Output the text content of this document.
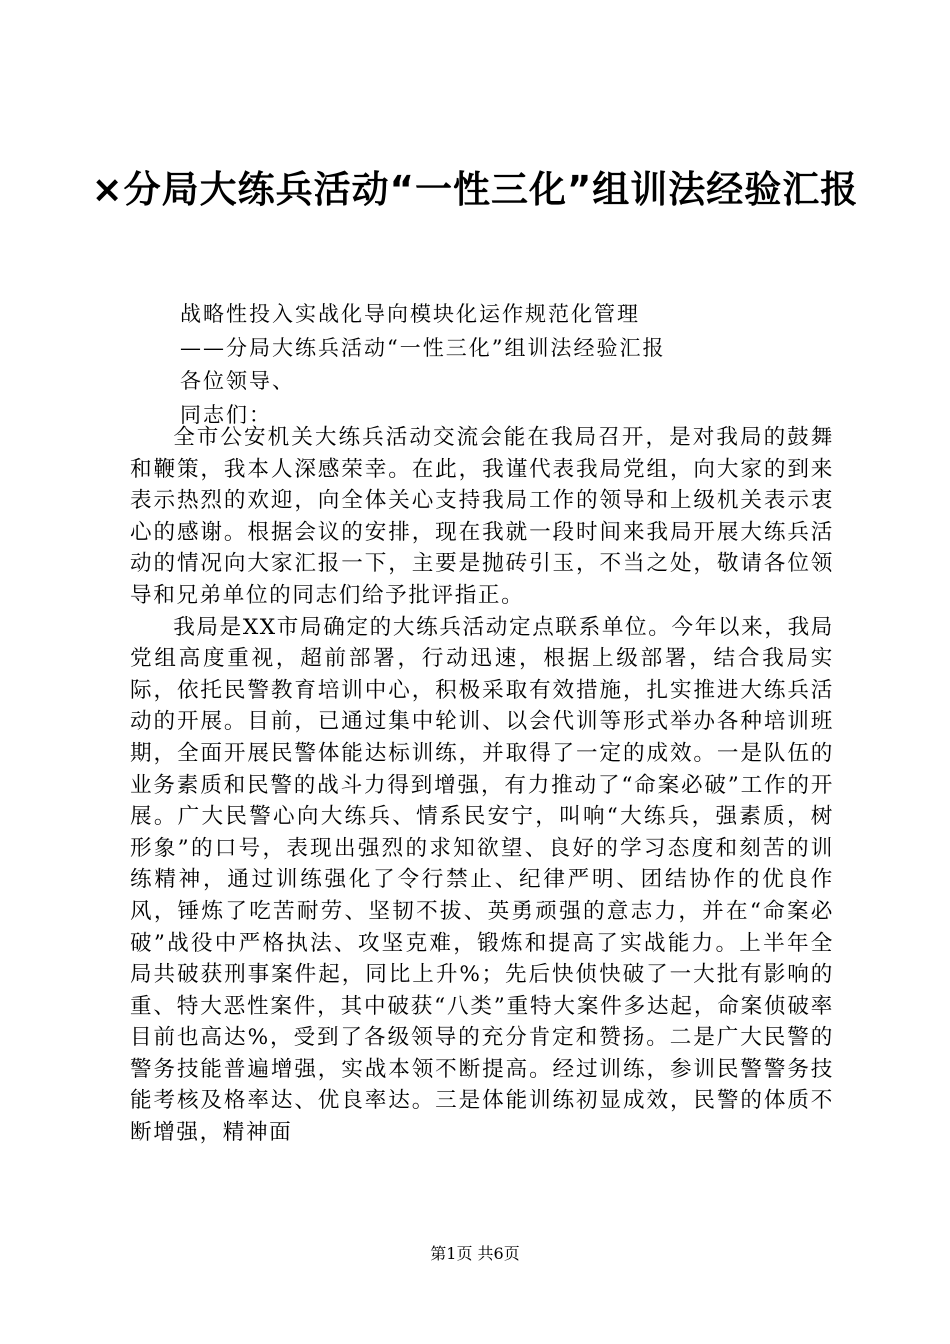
×分局大练兵活动“一性三化”组训法经验汇报
战略性投入实战化导向模块化运作规范化管理
——分局大练兵活动“一性三化”组训法经验汇报
各位领导、
同志们：

全市公安机关大练兵活动交流会能在我局召开，是对我局的鼓舞和鞭策，我本人深感荣幸。在此，我谨代表我局党组，向大家的到来表示热烈的欢迎，向全体关心支持我局工作的领导和上级机关表示衷心的感谢。根据会议的安排，现在我就一段时间来我局开展大练兵活动的情况向大家汇报一下，主要是抛砖引玉，不当之处，敬请各位领导和兄弟单位的同志们给予批评指正。

我局是XX市局确定的大练兵活动定点联系单位。今年以来，我局党组高度重视，超前部署，行动迅速，根据上级部署，结合我局实际，依托民警教育培训中心，积极采取有效措施，扎实推进大练兵活动的开展。目前，已通过集中轮训、以会代训等形式举办各种培训班期，全面开展民警体能达标训练，并取得了一定的成效。一是队伍的业务素质和民警的战斗力得到增强，有力推动了“命案必破”工作的开展。广大民警心向大练兵、情系民安宁，叫响“大练兵，强素质，树形象”的口号，表现出强烈的求知欲望、良好的学习态度和刻苦的训练精神，通过训练强化了令行禁止、纪律严明、团结协作的优良作风，锤炼了吃苦耐劳、坚韧不拔、英勇顽强的意志力，并在“命案必破”战役中严格执法、攻坚克难，锻炼和提高了实战能力。上半年全局共破获刑事案件起，同比上升%；先后快侦快破了一大批有影响的重、特大恶性案件，其中破获“八类”重特大案件多达起，命案侦破率目前也高达%，受到了各级领导的充分肯定和赞扬。二是广大民警的警务技能普遍增强，实战本领不断提高。经过训练，参训民警警务技能考核及格率达、优良率达。三是体能训练初显成效，民警的体质不断增强，精神面

第1页 共6页
